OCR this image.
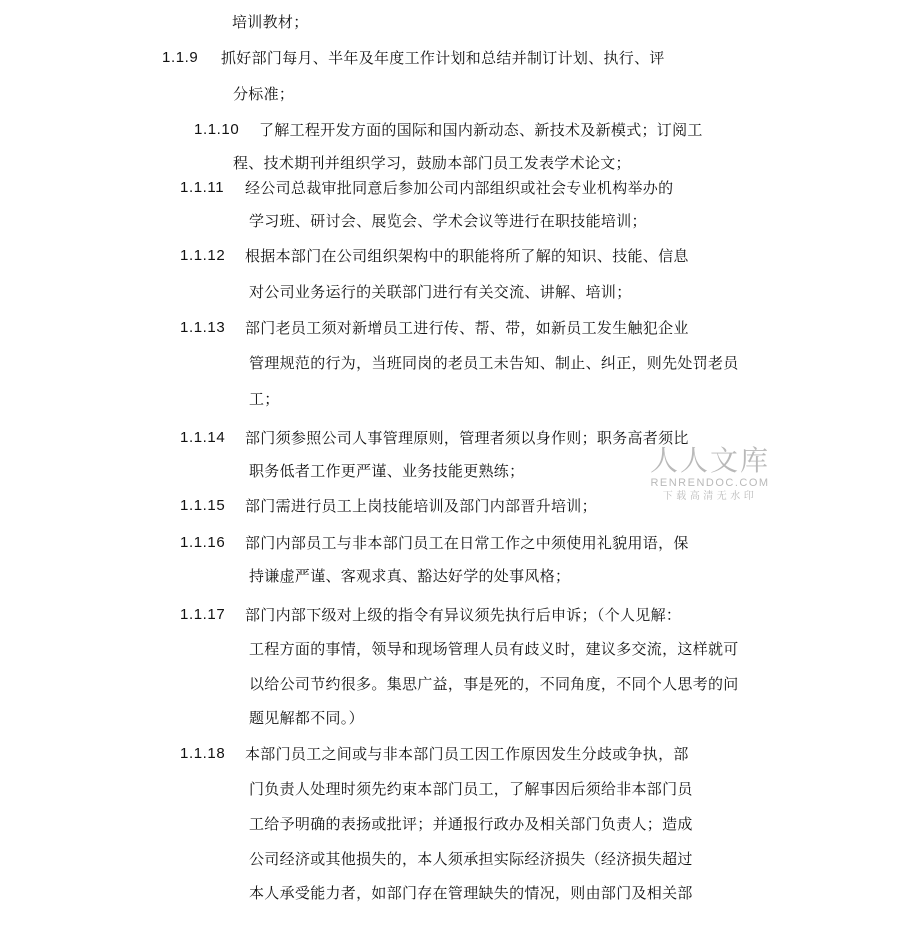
培训教材；
1.1.9 抓好部门每月、半年及年度工作计划和总结并制订计划、执行、评
分标准；
1.1.10 了解工程开发方面的国际和国内新动态、新技术及新模式；订阅工
程、技术期刊并组织学习，鼓励本部门员工发表学术论文；
1.1.11 经公司总裁审批同意后参加公司内部组织或社会专业机构举办的
学习班、研讨会、展览会、学术会议等进行在职技能培训；
1.1.12 根据本部门在公司组织架构中的职能将所了解的知识、技能、信息
对公司业务运行的关联部门进行有关交流、讲解、培训；
1.1.13 部门老员工须对新增员工进行传、帮、带，如新员工发生触犯企业
管理规范的行为，当班同岗的老员工未告知、制止、纠正，则先处罚老员
工；
1.1.14 部门须参照公司人事管理原则，管理者须以身作则；职务高者须比
职务低者工作更严谨、业务技能更熟练；
1.1.15 部门需进行员工上岗技能培训及部门内部晋升培训；
1.1.16 部门内部员工与非本部门员工在日常工作之中须使用礼貌用语，保
持谦虚严谨、客观求真、豁达好学的处事风格；
1.1.17 部门内部下级对上级的指令有异议须先执行后申诉；（个人见解：
工程方面的事情，领导和现场管理人员有歧义时，建议多交流，这样就可
以给公司节约很多。集思广益，事是死的，不同角度，不同个人思考的问
题见解都不同。）
1.1.18 本部门员工之间或与非本部门员工因工作原因发生分歧或争执，部
门负责人处理时须先约束本部门员工，了解事因后须给非本部门员
工给予明确的表扬或批评；并通报行政办及相关部门负责人；造成
公司经济或其他损失的，本人须承担实际经济损失（经济损失超过
本人承受能力者，如部门存在管理缺失的情况，则由部门及相关部
人人文库
RENRENDOC.COM
下载高清无水印
